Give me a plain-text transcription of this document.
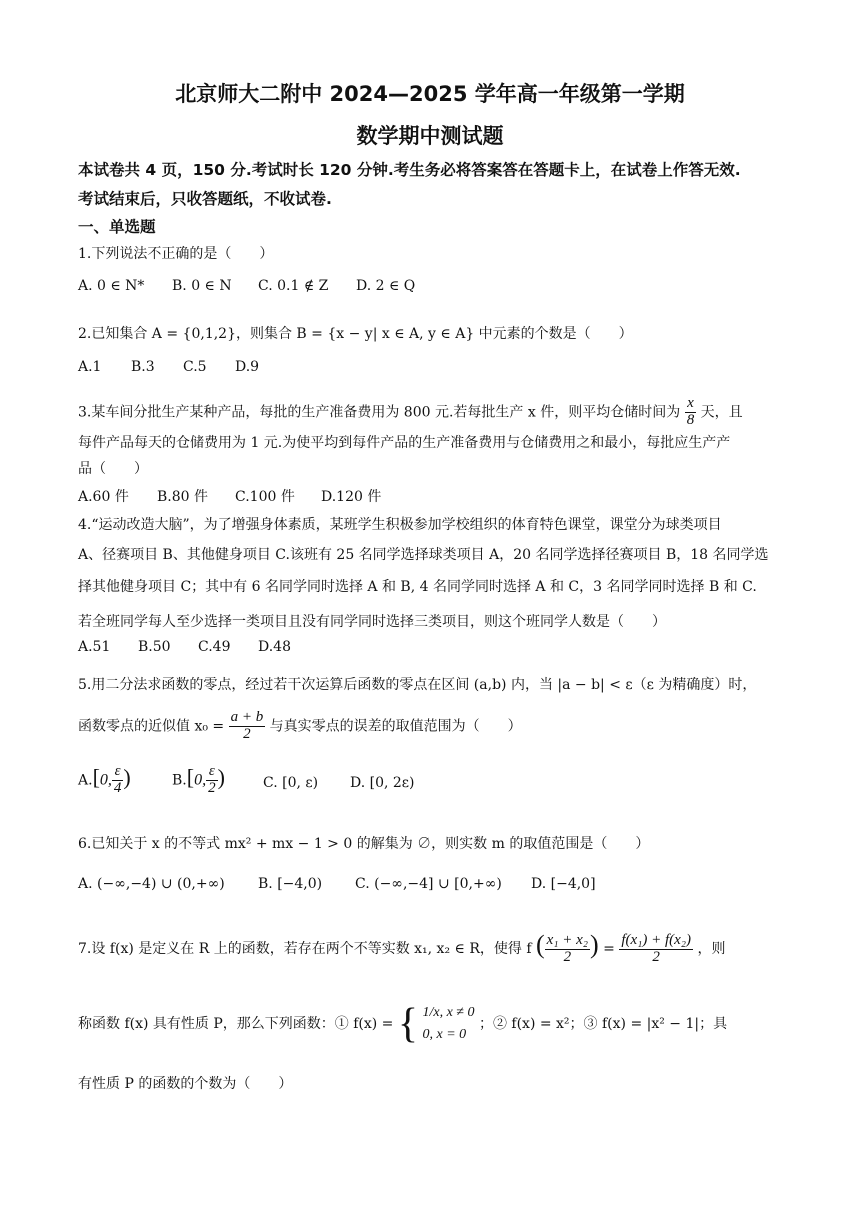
北京师大二附中 2024—2025 学年高一年级第一学期
数学期中测试题
本试卷共 4 页，150 分.考试时长 120 分钟.考生务必将答案答在答题卡上，在试卷上作答无效.
考试结束后，只收答题纸，不收试卷.
一、单选题
1.下列说法不正确的是（　　）
A. 0 ∈ N* B. 0 ∈ N C. 0.1 ∉ Z D. 2 ∈ Q
2.已知集合 A = {0,1,2}，则集合 B = {x − y| x ∈ A, y ∈ A} 中元素的个数是（　　）
A.1 B.3 C.5 D.9
3.某车间分批生产某种产品，每批的生产准备费用为 800 元.若每批生产 x 件，则平均仓储时间为 $\frac{x}{8}$ 天，且
每件产品每天的仓储费用为 1 元.为使平均到每件产品的生产准备费用与仓储费用之和最小，每批应生产产
品（　　）
A.60 件 B.80 件 C.100 件 D.120 件
4.“运动改造大脑”，为了增强身体素质，某班学生积极参加学校组织的体育特色课堂，课堂分为球类项目
A、径赛项目 B、其他健身项目 C.该班有 25 名同学选择球类项目 A，20 名同学选择径赛项目 B，18 名同学选
择其他健身项目 C；其中有 6 名同学同时选择 A 和 B, 4 名同学同时选择 A 和 C，3 名同学同时选择 B 和 C.
若全班同学每人至少选择一类项目且没有同学同时选择三类项目，则这个班同学人数是（　　）
A.51 B.50 C.49 D.48
5.用二分法求函数的零点，经过若干次运算后函数的零点在区间 (a,b) 内，当 |a − b| < ε（ε 为精确度）时，
函数零点的近似值 $x_0 = \frac{a + b}{2}$ 与真实零点的误差的取值范围为（　　）
A.[0, $\frac{\varepsilon}{4}$ )	B.[0, $\frac{\varepsilon}{2}$ )	C. [0, ε) D. [0, 2ε)
6.已知关于 x 的不等式 mx² + mx − 1 > 0 的解集为 ∅，则实数 m 的取值范围是（　　）
A. (−∞,−4) ∪ (0,+∞) B. [−4,0) C. (−∞,−4] ∪ [0,+∞) D. [−4,0]
7.设 f(x) 是定义在 R 上的函数，若存在两个不等实数 x₁, x₂ ∈ R，使得 f ( $\frac{\text{x₁ + x₂}}{2}$ ) = $\frac{\text{f(x₁) + f(x₂)}}{2}$ ，则
称函数 f(x) 具有性质 P，那么下列函数：① f(x) = { 1/x, x ≠ 0
0, x = 0
；② f(x) = x²；③ f(x) = |x² − 1|；具
有性质 P 的函数的个数为（　　）
